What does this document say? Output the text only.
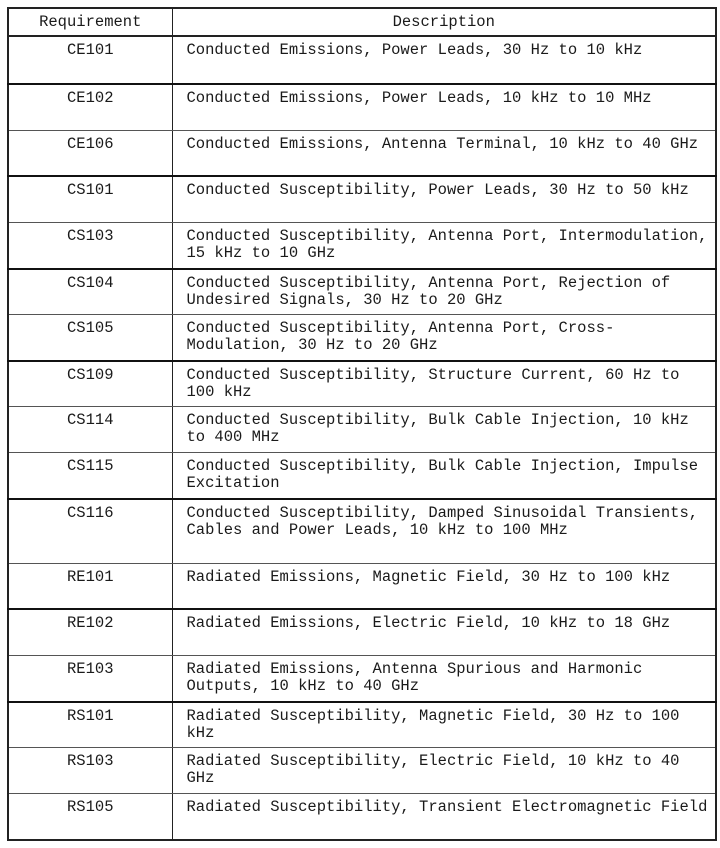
Requirement	Description
CE101	Conducted Emissions, Power Leads, 30 Hz to 10 kHz
CE102	Conducted Emissions, Power Leads, 10 kHz to 10 MHz
CE106	Conducted Emissions, Antenna Terminal, 10 kHz to 40 GHz
CS101	Conducted Susceptibility, Power Leads, 30 Hz to 50 kHz
CS103	Conducted Susceptibility, Antenna Port, Intermodulation, 15 kHz to 10 GHz
CS104	Conducted Susceptibility, Antenna Port, Rejection of Undesired Signals, 30 Hz to 20 GHz
CS105	Conducted Susceptibility, Antenna Port, Cross-Modulation, 30 Hz to 20 GHz
CS109	Conducted Susceptibility, Structure Current, 60 Hz to 100 kHz
CS114	Conducted Susceptibility, Bulk Cable Injection, 10 kHz to 400 MHz
CS115	Conducted Susceptibility, Bulk Cable Injection, Impulse Excitation
CS116	Conducted Susceptibility, Damped Sinusoidal Transients, Cables and Power Leads, 10 kHz to 100 MHz
RE101	Radiated Emissions, Magnetic Field, 30 Hz to 100 kHz
RE102	Radiated Emissions, Electric Field, 10 kHz to 18 GHz
RE103	Radiated Emissions, Antenna Spurious and Harmonic Outputs, 10 kHz to 40 GHz
RS101	Radiated Susceptibility, Magnetic Field, 30 Hz to 100 kHz
RS103	Radiated Susceptibility, Electric Field, 10 kHz to 40 GHz
RS105	Radiated Susceptibility, Transient Electromagnetic Field
